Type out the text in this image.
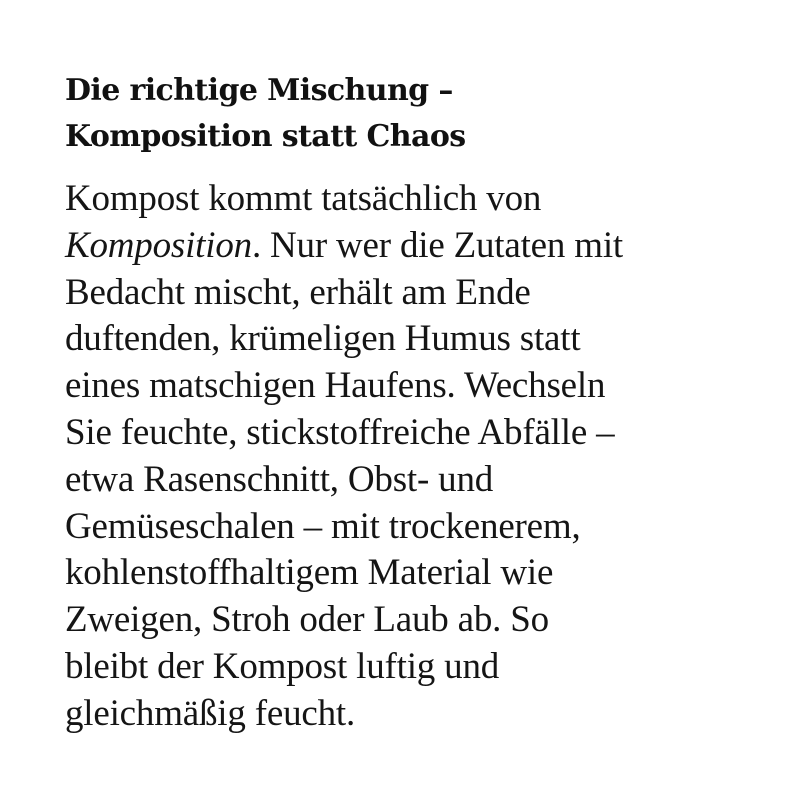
Die richtige Mischung –
Komposition statt Chaos

Kompost kommt tatsächlich von
Komposition. Nur wer die Zutaten mit
Bedacht mischt, erhält am Ende
duftenden, krümeligen Humus statt
eines matschigen Haufens. Wechseln
Sie feuchte, stickstoffreiche Abfälle –
etwa Rasenschnitt, Obst- und
Gemüseschalen – mit trockenerem,
kohlenstoffhaltigem Material wie
Zweigen, Stroh oder Laub ab. So
bleibt der Kompost luftig und
gleichmäßig feucht.
